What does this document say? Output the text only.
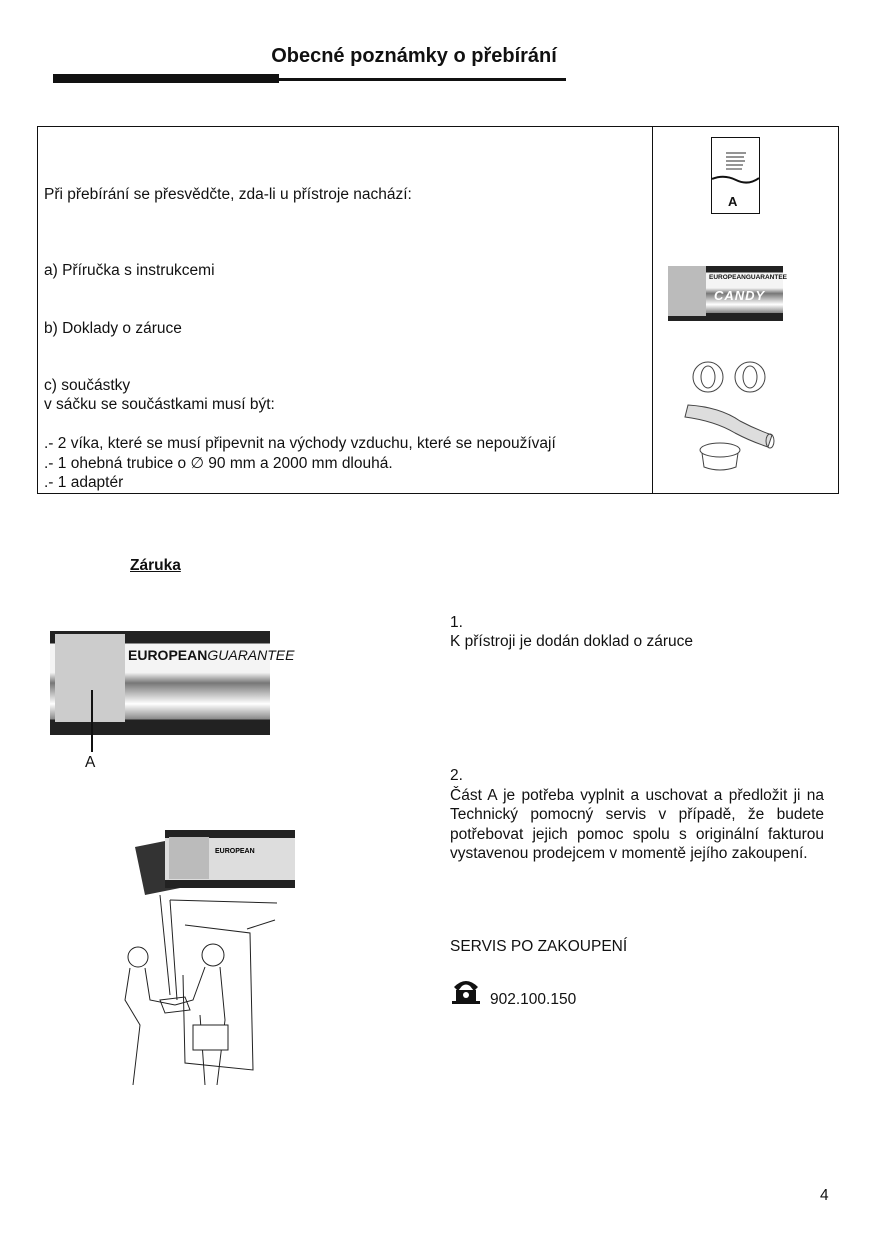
Obecné poznámky o přebírání
Při přebírání se přesvědčte, zda-li u přístroje nachází:
a) Příručka s instrukcemi
b) Doklady o záruce
c) součástky
v sáčku se součástkami musí být:
.- 2 víka, které se musí připevnit na východy vzduchu, které se nepoužívají
.- 1 ohebná trubice o ∅ 90 mm a 2000 mm dlouhá.
.- 1 adaptér
A
EUROPEANGUARANTEE
CANDY
Záruka
EUROPEANGUARANTEE
A
EUROPEAN
1.
K přístroji je dodán doklad o záruce
2.
Část A je potřeba vyplnit a uschovat a předložit ji na Technický pomocný servis v případě, že budete potřebovat jejich pomoc spolu s originální fakturou vystavenou prodejcem v momentě jejího zakoupení.
SERVIS PO ZAKOUPENÍ
902.100.150
4
